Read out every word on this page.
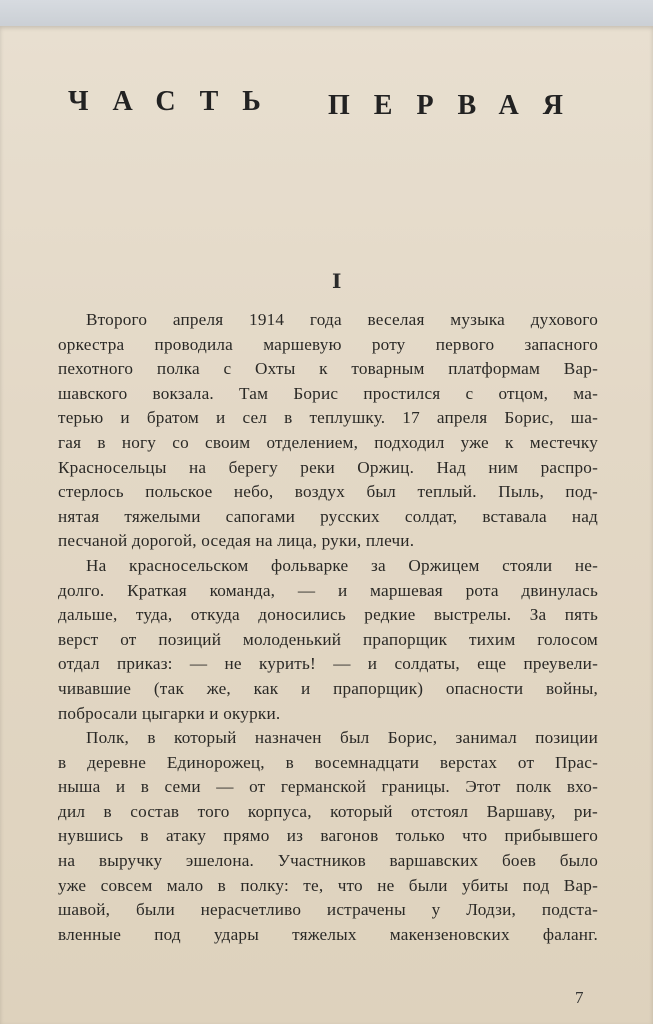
ЧАСТЬ ПЕРВАЯ
I
Второго апреля 1914 года веселая музыка духового
оркестра проводила маршевую роту первого запасного
пехотного полка с Охты к товарным платформам Вар-
шавского вокзала. Там Борис простился с отцом, ма-
терью и братом и сел в теплушку. 17 апреля Борис, ша-
гая в ногу со своим отделением, подходил уже к местечку
Красносельцы на берегу реки Оржиц. Над ним распро-
стерлось польское небо, воздух был теплый. Пыль, под-
нятая тяжелыми сапогами русских солдат, вставала над
песчаной дорогой, оседая на лица, руки, плечи.
На красносельском фольварке за Оржицем стояли не-
долго. Краткая команда, — и маршевая рота двинулась
дальше, туда, откуда доносились редкие выстрелы. За пять
верст от позиций молоденький прапорщик тихим голосом
отдал приказ: — не курить! — и солдаты, еще преувели-
чивавшие (так же, как и прапорщик) опасности войны,
побросали цыгарки и окурки.
Полк, в который назначен был Борис, занимал позиции
в деревне Единорожец, в восемнадцати верстах от Прас-
ныша и в семи — от германской границы. Этот полк вхо-
дил в состав того корпуса, который отстоял Варшаву, ри-
нувшись в атаку прямо из вагонов только что прибывшего
на выручку эшелона. Участников варшавских боев было
уже совсем мало в полку: те, что не были убиты под Вар-
шавой, были нерасчетливо истрачены у Лодзи, подста-
вленные под удары тяжелых макензеновских фаланг.
7
